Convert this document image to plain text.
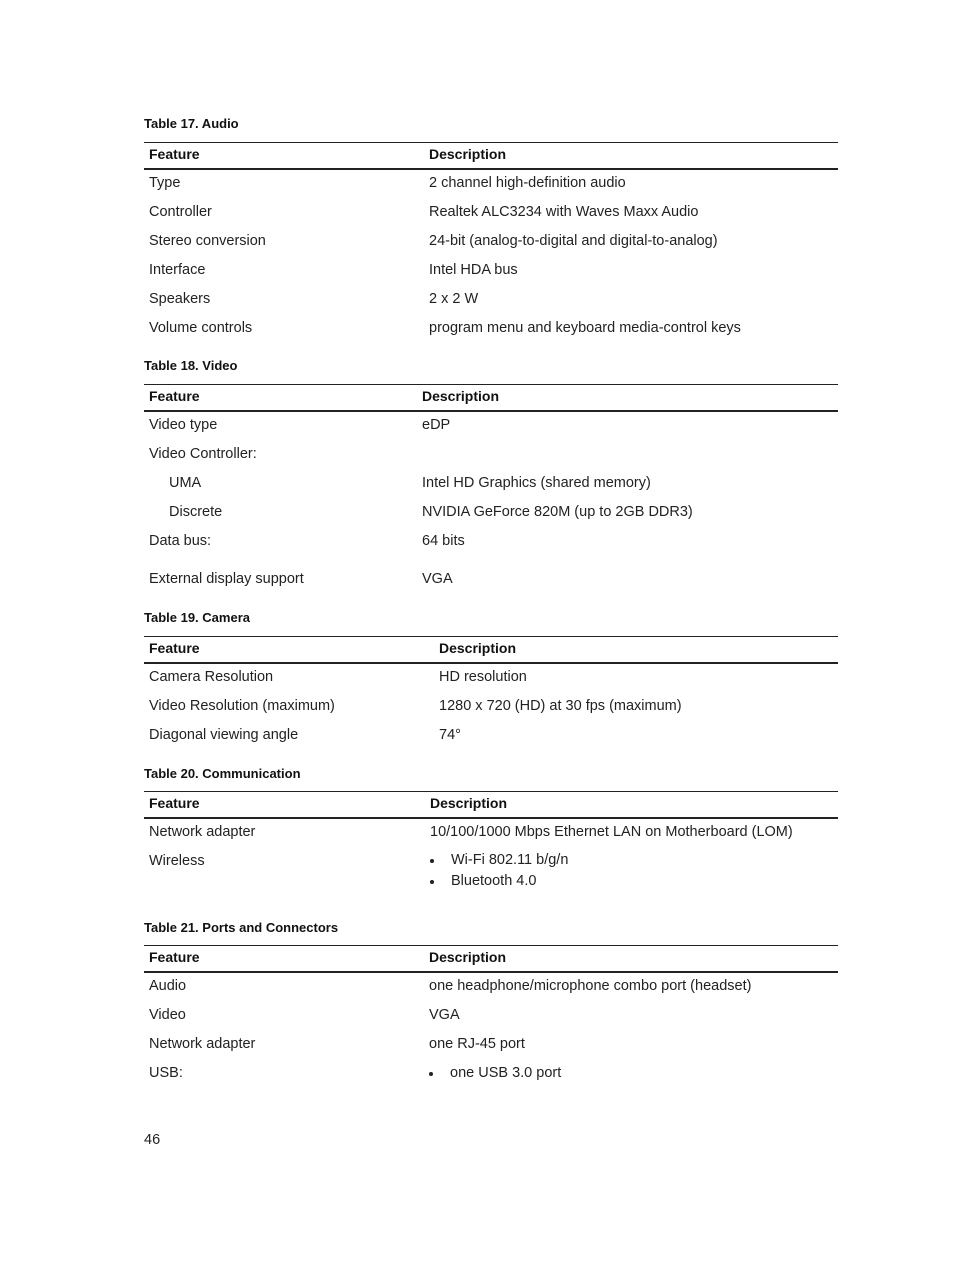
Table 17. Audio
Feature	Description
Type	2 channel high-definition audio
Controller	Realtek ALC3234 with Waves Maxx Audio
Stereo conversion	24-bit (analog-to-digital and digital-to-analog)
Interface	Intel HDA bus
Speakers	2 x 2 W
Volume controls	program menu and keyboard media-control keys
Table 18. Video
Feature	Description
Video type	eDP
Video Controller:
UMA	Intel HD Graphics (shared memory)
Discrete	NVIDIA GeForce 820M (up to 2GB DDR3)
Data bus:	64 bits
External display support	VGA
Table 19. Camera
Feature	Description
Camera Resolution	HD resolution
Video Resolution (maximum)	1280 x 720 (HD) at 30 fps (maximum)
Diagonal viewing angle	74°
Table 20. Communication
Feature	Description
Network adapter	10/100/1000 Mbps Ethernet LAN on Motherboard (LOM)
Wireless	Wi-Fi 802.11 b/g/n
Bluetooth 4.0
Table 21. Ports and Connectors
Feature	Description
Audio	one headphone/microphone combo port (headset)
Video	VGA
Network adapter	one RJ-45 port
USB:	one USB 3.0 port
46
